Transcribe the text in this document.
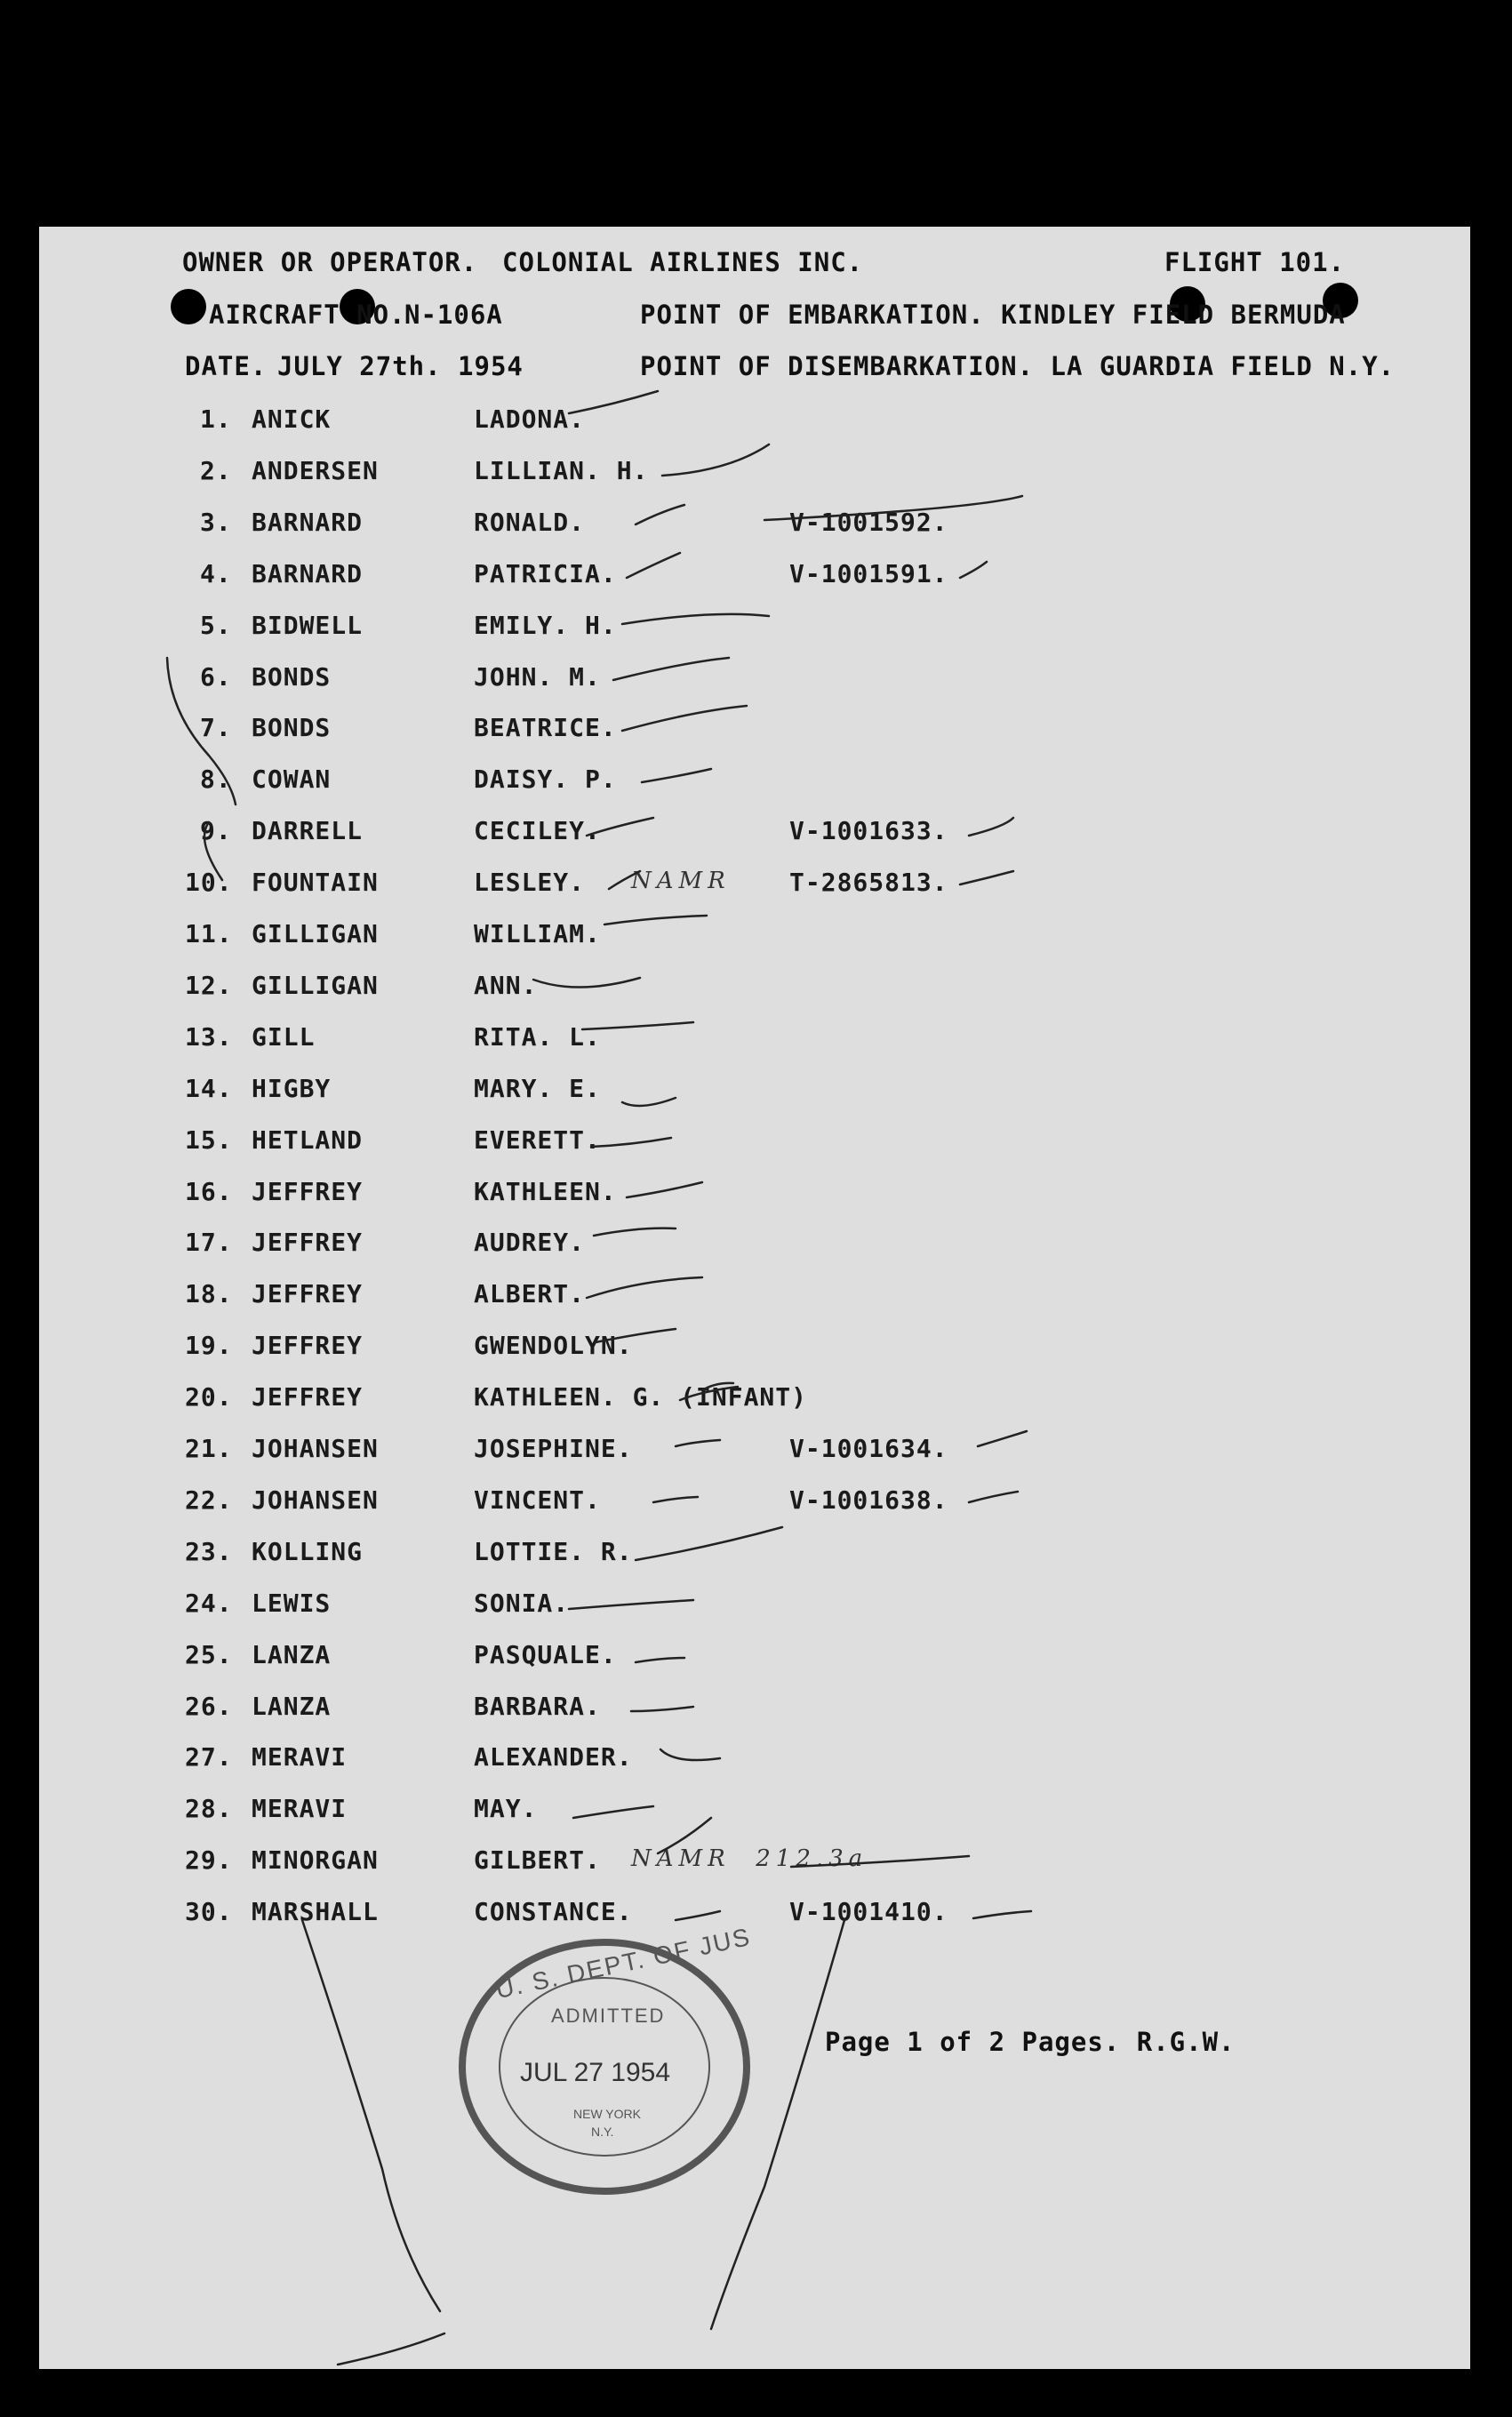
OWNER OR OPERATOR. COLONIAL AIRLINES INC.	FLIGHT 101.
AIRCRAFT NO.
N-106A	POINT OF EMBARKATION. KINDLEY FIELD BERMUDA
DATE. JULY 27th. 1954	POINT OF DISEMBARKATION. LA GUARDIA FIELD N.Y.
1. ANICK	LADONA.
2. ANDERSEN	LILLIAN. H.
3. BARNARD	RONALD.	V-1001592.
4. BARNARD	PATRICIA.	V-1001591.
5. BIDWELL	EMILY. H.
6. BONDS	JOHN. M.
7. BONDS	BEATRICE.
8. COWAN	DAISY. P.
9. DARRELL	CECILEY.	V-1001633.
10. FOUNTAIN	LESLEY. NAMR T-2865813.
11. GILLIGAN	WILLIAM.
12. GILLIGAN	ANN.
13. GILL	RITA. L.
14. HIGBY	MARY. E.
15. HETLAND	EVERETT.
16. JEFFREY	KATHLEEN.
17. JEFFREY	AUDREY.
18. JEFFREY	ALBERT.
19. JEFFREY	GWENDOLYN.
20. JEFFREY	KATHLEEN. G. (INFANT)
21. JOHANSEN	JOSEPHINE.	V-1001634.
22. JOHANSEN	VINCENT.	V-1001638.
23. KOLLING	LOTTIE. R.
24. LEWIS	SONIA.
25. LANZA	PASQUALE.
26. LANZA	BARBARA.
27. MERAVI	ALEXANDER.
28. MERAVI	MAY.
29. MINORGAN	GILBERT. NAMR  212.3a
30. MARSHALL	CONSTANCE.	V-1001410.
Page 1 of 2 Pages. R.G.W.
U. S. DEPT. OF JUS
ADMITTED
JUL 27 1954
NEW YORK
N.Y.
